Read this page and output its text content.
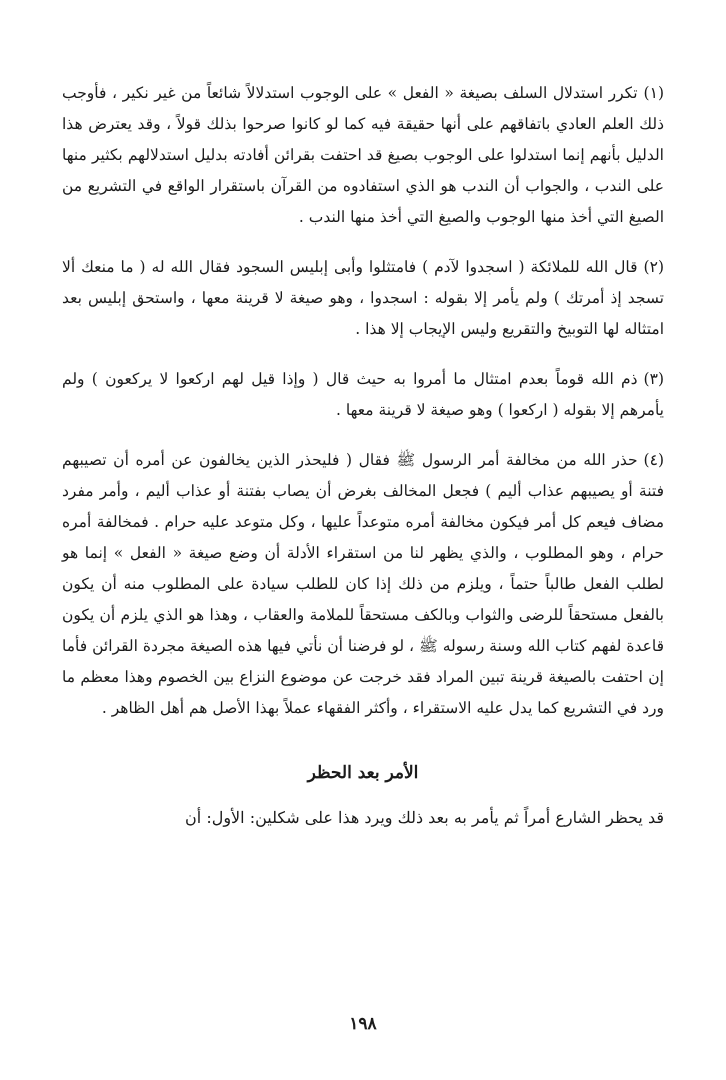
(١)تكرر استدلال السلف بصيغة « الفعل » على الوجوب استدلالاً شائعاً من غير نكير ، فأوجب ذلك العلم العادي باتفاقهم على أنها حقيقة فيه كما لو كانوا صرحوا بذلك قولاً ، وقد يعترض هذا الدليل بأنهم إنما استدلوا على الوجوب بصيغ قد احتفت بقرائن أفادته بدليل استدلالهم بكثير منها على الندب ، والجواب أن الندب هو الذي استفادوه من القرآن باستقرار الواقع في التشريع من الصيغ التي أخذ منها الوجوب والصيغ التي أخذ منها الندب .

(٢)قال الله للملائكة ( اسجدوا لآدم ) فامتثلوا وأبى إبليس السجود فقال الله له ( ما منعك ألا تسجد إذ أمرتك ) ولم يأمر إلا بقوله : اسجدوا ، وهو صيغة لا قرينة معها ، واستحق إبليس بعد امتثاله لها التوبيخ والتقريع وليس الإيجاب إلا هذا .

(٣)ذم الله قوماً بعدم امتثال ما أمروا به حيث قال ( وإذا قيل لهم اركعوا لا يركعون ) ولم يأمرهم إلا بقوله ( اركعوا ) وهو صيغة لا قرينة معها .

(٤)حذر الله من مخالفة أمر الرسول ﷺ فقال ( فليحذر الذين يخالفون عن أمره أن تصيبهم فتنة أو يصيبهم عذاب أليم ) فجعل المخالف بغرض أن يصاب بفتنة أو عذاب أليم ، وأمر مفرد مضاف فيعم كل أمر فيكون مخالفة أمره متوعداً عليها ، وكل متوعد عليه حرام . فمخالفة أمره حرام ، وهو المطلوب ، والذي يظهر لنا من استقراء الأدلة أن وضع صيغة « الفعل » إنما هو لطلب الفعل طالباً حتماً ، ويلزم من ذلك إذا كان للطلب سيادة على المطلوب منه أن يكون بالفعل مستحقاً للرضى والثواب وبالكف مستحقاً للملامة والعقاب ، وهذا هو الذي يلزم أن يكون قاعدة لفهم كتاب الله وسنة رسوله ﷺ ، لو فرضنا أن نأتي فيها هذه الصيغة مجردة القرائن فأما إن احتفت بالصيغة قرينة تبين المراد فقد خرجت عن موضوع النزاع بين الخصوم وهذا معظم ما ورد في التشريع كما يدل عليه الاستقراء ، وأكثر الفقهاء عملاً بهذا الأصل هم أهل الظاهر .

الأمر بعد الحظر

قد يحظر الشارع أمراً ثم يأمر به بعد ذلك ويرد هذا على شكلين: الأول: أن

١٩٨
